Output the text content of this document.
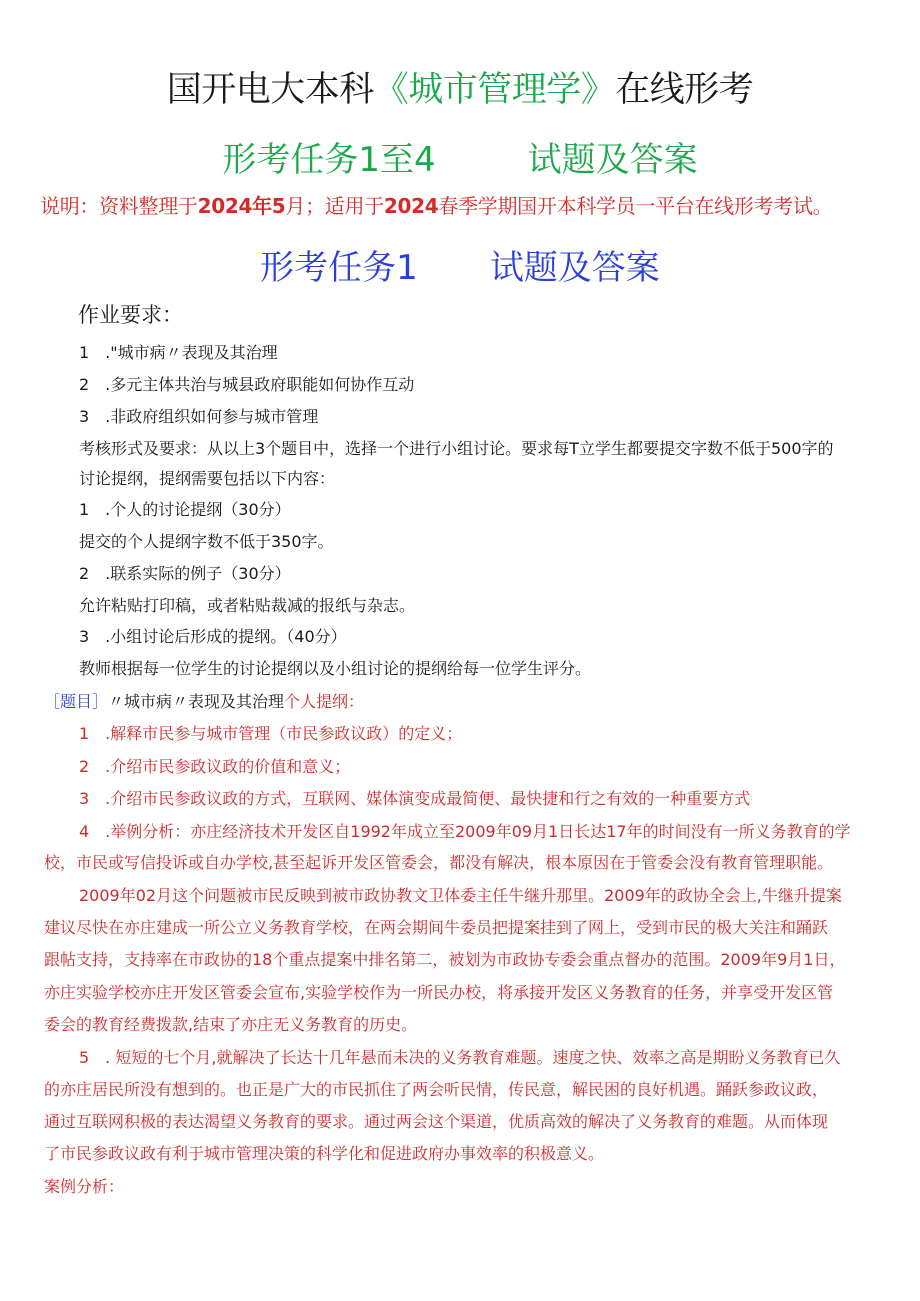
国开电大本科《城市管理学》在线形考
形考任务1至4	试题及答案
说明：资料整理于2024年5月；适用于2024春季学期国开本科学员一平台在线形考考试。
形考任务1 试题及答案
作业要求：
1　."城市病〃表现及其治理
2　.多元主体共治与城县政府职能如何协作互动
3　.非政府组织如何参与城市管理
考核形式及要求：从以上3个题目中，选择一个进行小组讨论。要求每T立学生都要提交字数不低于500字的
讨论提纲，提纲需要包括以下内容：
1　.个人的讨论提纲（30分）
提交的个人提纲字数不低于350字。
2　.联系实际的例子（30分）
允许粘贴打印稿，或者粘贴裁减的报纸与杂志。
3　.小组讨论后形成的提纲。（40分）
教师根据每一位学生的讨论提纲以及小组讨论的提纲给每一位学生评分。
［题目］〃城市病〃表现及其治理个人提纲：
1　.解释市民参与城市管理（市民参政议政）的定义；
2　.介绍市民参政议政的价值和意义；
3　.介绍市民参政议政的方式，互联网、媒体演变成最简便、最快捷和行之有效的一种重要方式
4　.举例分析：亦庄经济技术开发区自1992年成立至2009年09月1日长达17年的时间没有一所义务教育的学
校，市民或写信投诉或自办学校,甚至起诉开发区管委会，都没有解决，根本原因在于管委会没有教育管理职能。
2009年02月这个问题被市民反映到被市政协教文卫体委主任牛继升那里。2009年的政协全会上,牛继升提案
建议尽快在亦庄建成一所公立义务教育学校，在两会期间牛委员把提案挂到了网上，受到市民的极大关注和踊跃
跟帖支持，支持率在市政协的18个重点提案中排名第二，被划为市政协专委会重点督办的范围。2009年9月1日，
亦庄实验学校亦庄开发区管委会宣布,实验学校作为一所民办校，将承接开发区义务教育的任务，并享受开发区管
委会的教育经费拨款,结束了亦庄无义务教育的历史。
5　. 短短的七个月,就解决了长达十几年悬而未决的义务教育难题。速度之快、效率之高是期盼义务教育已久
的亦庄居民所没有想到的。也正是广大的市民抓住了两会听民情，传民意，解民困的良好机遇。踊跃参政议政，
通过互联网积极的表达渴望义务教育的要求。通过两会这个渠道，优质高效的解决了义务教育的难题。从而体现
了市民参政议政有利于城市管理决策的科学化和促进政府办事效率的积极意义。
案例分析：
